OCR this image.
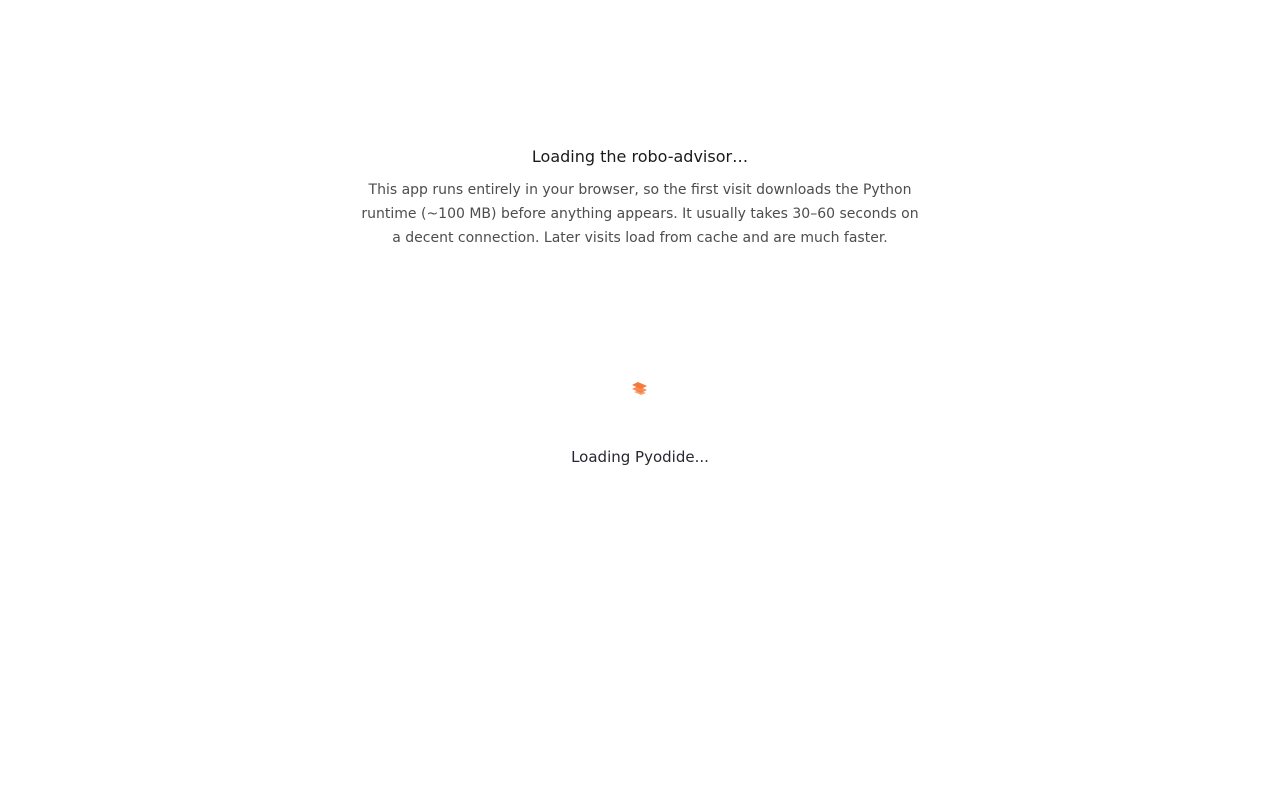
Loading the robo-advisor…
This app runs entirely in your browser, so the first visit downloads the Python runtime (~100 MB) before anything appears. It usually takes 30–60 seconds on a decent connection. Later visits load from cache and are much faster.
Loading Pyodide...
